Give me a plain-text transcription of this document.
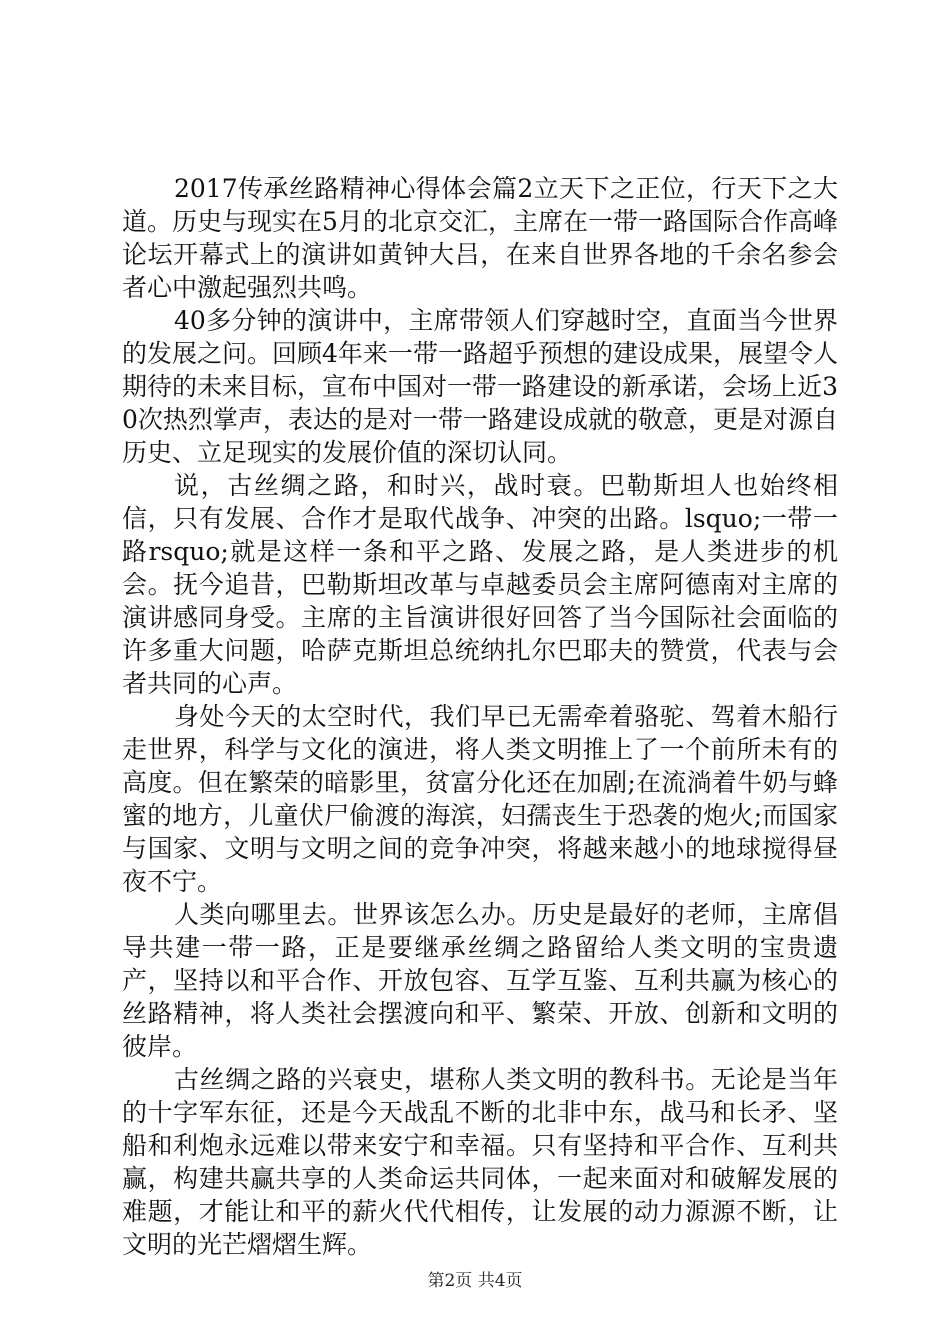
2017传承丝路精神心得体会篇2立天下之正位，行天下之大道。历史与现实在5月的北京交汇，主席在一带一路国际合作高峰论坛开幕式上的演讲如黄钟大吕，在来自世界各地的千余名参会者心中激起强烈共鸣。

40多分钟的演讲中，主席带领人们穿越时空，直面当今世界的发展之问。回顾4年来一带一路超乎预想的建设成果，展望令人期待的未来目标，宣布中国对一带一路建设的新承诺，会场上近30次热烈掌声，表达的是对一带一路建设成就的敬意，更是对源自历史、立足现实的发展价值的深切认同。

说，古丝绸之路，和时兴，战时衰。巴勒斯坦人也始终相信，只有发展、合作才是取代战争、冲突的出路。lsquo;一带一路rsquo;就是这样一条和平之路、发展之路，是人类进步的机会。抚今追昔，巴勒斯坦改革与卓越委员会主席阿德南对主席的演讲感同身受。主席的主旨演讲很好回答了当今国际社会面临的许多重大问题，哈萨克斯坦总统纳扎尔巴耶夫的赞赏，代表与会者共同的心声。

身处今天的太空时代，我们早已无需牵着骆驼、驾着木船行走世界，科学与文化的演进，将人类文明推上了一个前所未有的高度。但在繁荣的暗影里，贫富分化还在加剧;在流淌着牛奶与蜂蜜的地方，儿童伏尸偷渡的海滨，妇孺丧生于恐袭的炮火;而国家与国家、文明与文明之间的竞争冲突，将越来越小的地球搅得昼夜不宁。

人类向哪里去。世界该怎么办。历史是最好的老师，主席倡导共建一带一路，正是要继承丝绸之路留给人类文明的宝贵遗产，坚持以和平合作、开放包容、互学互鉴、互利共赢为核心的丝路精神，将人类社会摆渡向和平、繁荣、开放、创新和文明的彼岸。

古丝绸之路的兴衰史，堪称人类文明的教科书。无论是当年的十字军东征，还是今天战乱不断的北非中东，战马和长矛、坚船和利炮永远难以带来安宁和幸福。只有坚持和平合作、互利共赢，构建共赢共享的人类命运共同体，一起来面对和破解发展的难题，才能让和平的薪火代代相传，让发展的动力源源不断，让文明的光芒熠熠生辉。

第2页 共4页
